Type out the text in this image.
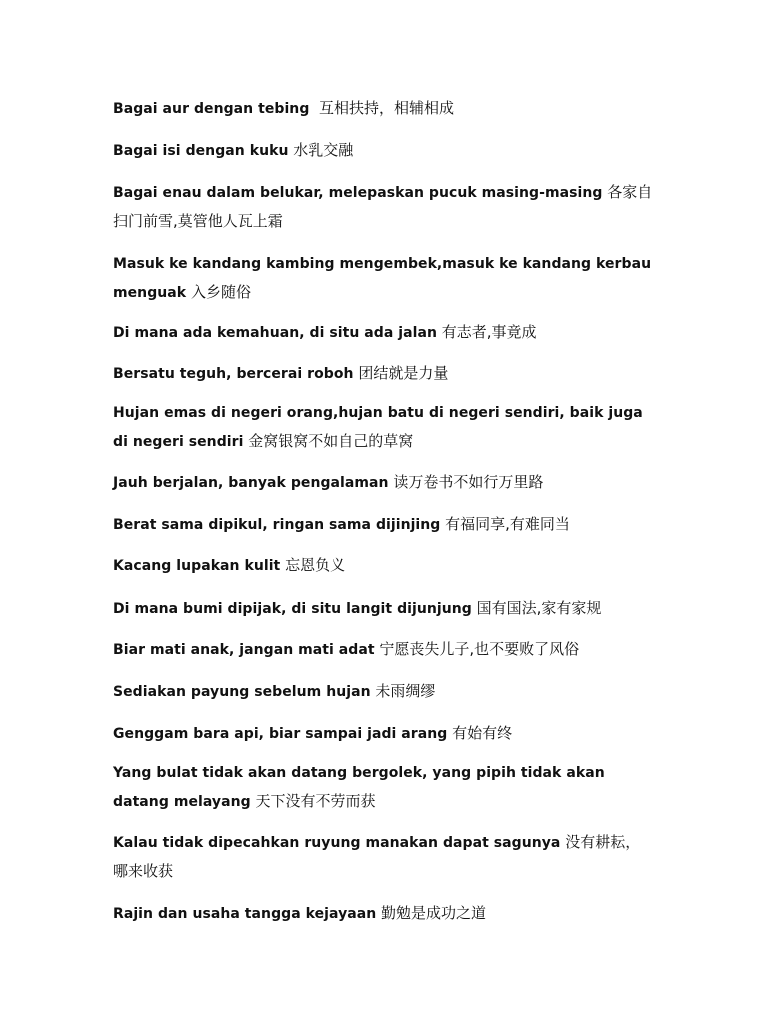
Bagai aur dengan tebing 互相扶持，相辅相成
Bagai isi dengan kuku 水乳交融
Bagai enau dalam belukar, melepaskan pucuk masing-masing 各家自扫门前雪,莫管他人瓦上霜
Masuk ke kandang kambing mengembek,masuk ke kandang kerbau menguak 入乡随俗
Di mana ada kemahuan, di situ ada jalan 有志者,事竟成
Bersatu teguh, bercerai roboh 团结就是力量
Hujan emas di negeri orang,hujan batu di negeri sendiri, baik juga di negeri sendiri 金窝银窝不如自己的草窝
Jauh berjalan, banyak pengalaman 读万卷书不如行万里路
Berat sama dipikul, ringan sama dijinjing 有福同享,有难同当
Kacang lupakan kulit 忘恩负义
Di mana bumi dipijak, di situ langit dijunjung 国有国法,家有家规
Biar mati anak, jangan mati adat 宁愿丧失儿子,也不要败了风俗
Sediakan payung sebelum hujan 未雨绸缪
Genggam bara api, biar sampai jadi arang 有始有终
Yang bulat tidak akan datang bergolek, yang pipih tidak akan datang melayang 天下没有不劳而获
Kalau tidak dipecahkan ruyung manakan dapat sagunya 没有耕耘，哪来收获
Rajin dan usaha tangga kejayaan 勤勉是成功之道
